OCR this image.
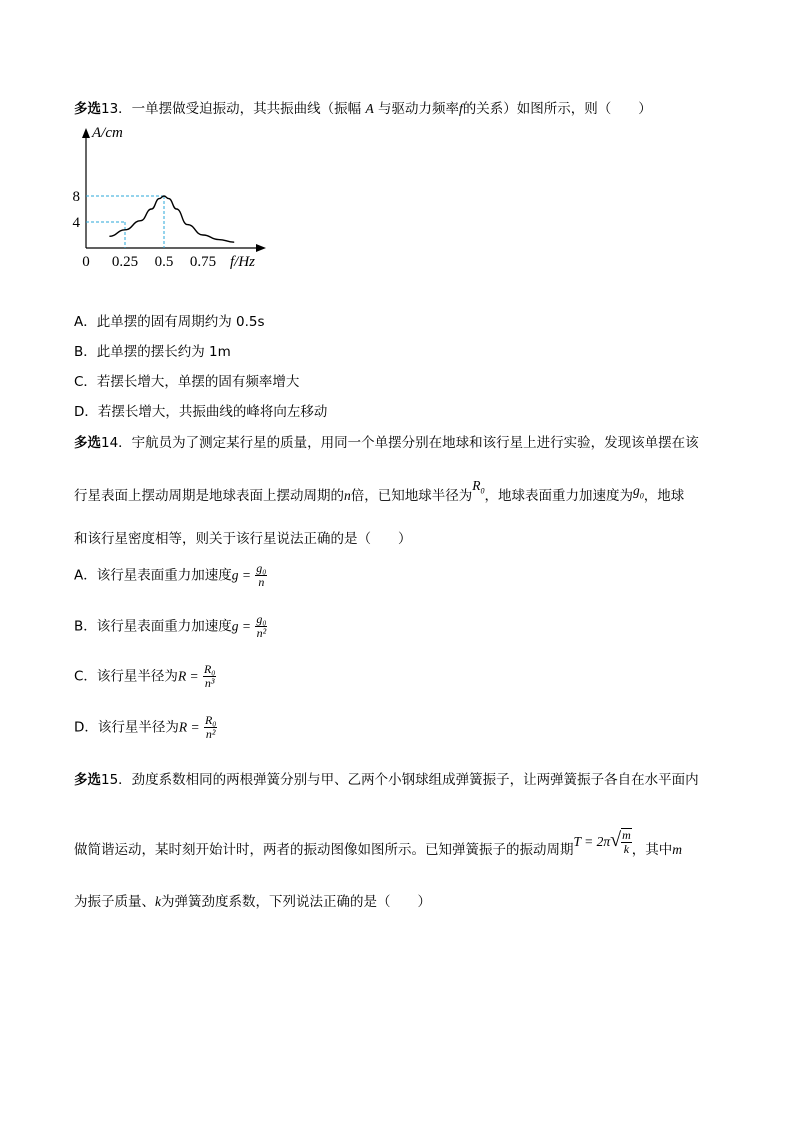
多选13．一单摆做受迫振动，其共振曲线（振幅 A 与驱动力频率f的关系）如图所示，则（　　）
0 0.25 0.5 0.75
4
8
A/cm
f/Hz
A．此单摆的固有周期约为 0.5s
B．此单摆的摆长约为 1m
C．若摆长增大，单摆的固有频率增大
D．若摆长增大，共振曲线的峰将向左移动
多选14．宇航员为了测定某行星的质量，用同一个单摆分别在地球和该行星上进行实验，发现该单摆在该
行星表面上摆动周期是地球表面上摆动周期的n倍，已知地球半径为$R_0$，地球表面重力加速度为$g_0$，地球
和该行星密度相等，则关于该行星说法正确的是（　　）
A．该行星表面重力加速度$g = \frac{\text{g₀}}{n}$
B．该行星表面重力加速度$g = \frac{\text{g₀}}{\text{n²}}$
C．该行星半径为$R = \frac{\text{R₀}}{\text{n³}}$
D．该行星半径为$R = \frac{\text{R₀}}{\text{n²}}$
多选15．劲度系数相同的两根弹簧分别与甲、乙两个小钢球组成弹簧振子，让两弹簧振子各自在水平面内
做简谐运动，某时刻开始计时，两者的振动图像如图所示。已知弹簧振子的振动周期$T = 2\pi√ \frac{m}{k}$ ，其中m
为振子质量、k为弹簧劲度系数，下列说法正确的是（　　）
